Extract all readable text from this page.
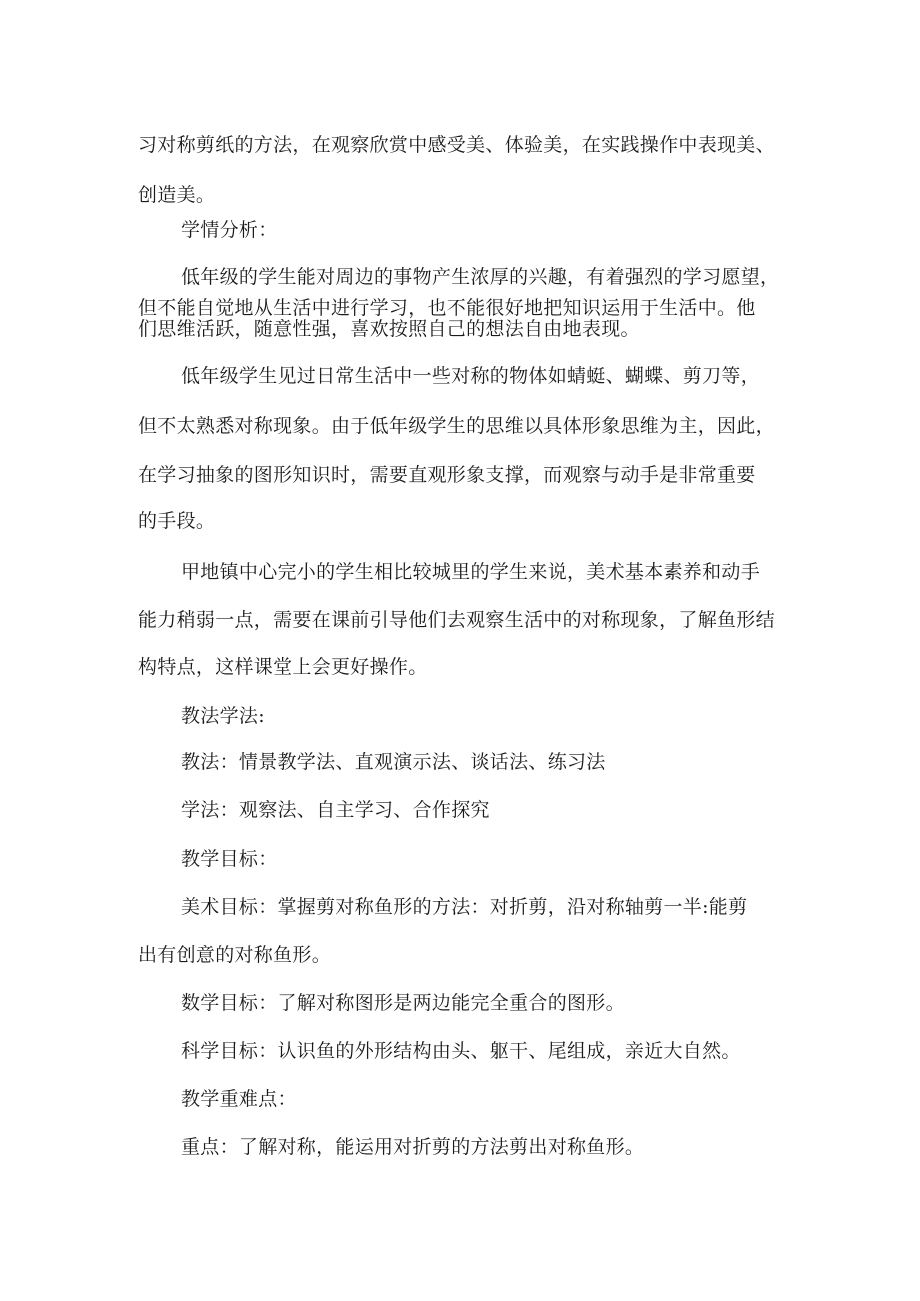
习对称剪纸的方法，在观察欣赏中感受美、体验美，在实践操作中表现美、
创造美。
学情分析：
低年级的学生能对周边的事物产生浓厚的兴趣，有着强烈的学习愿望，
但不能自觉地从生活中进行学习，也不能很好地把知识运用于生活中。他
们思维活跃，随意性强，喜欢按照自己的想法自由地表现。
低年级学生见过日常生活中一些对称的物体如蜻蜓、蝴蝶、剪刀等，
但不太熟悉对称现象。由于低年级学生的思维以具体形象思维为主，因此，
在学习抽象的图形知识时，需要直观形象支撑，而观察与动手是非常重要
的手段。
甲地镇中心完小的学生相比较城里的学生来说，美术基本素养和动手
能力稍弱一点，需要在课前引导他们去观察生活中的对称现象，了解鱼形结
构特点，这样课堂上会更好操作。
教法学法:
教法：情景教学法、直观演示法、谈话法、练习法
学法：观察法、自主学习、合作探究
教学目标：
美术目标：掌握剪对称鱼形的方法：对折剪，沿对称轴剪一半:能剪
出有创意的对称鱼形。
数学目标：了解对称图形是两边能完全重合的图形。
科学目标：认识鱼的外形结构由头、躯干、尾组成，亲近大自然。
教学重难点：
重点：了解对称，能运用对折剪的方法剪出对称鱼形。
